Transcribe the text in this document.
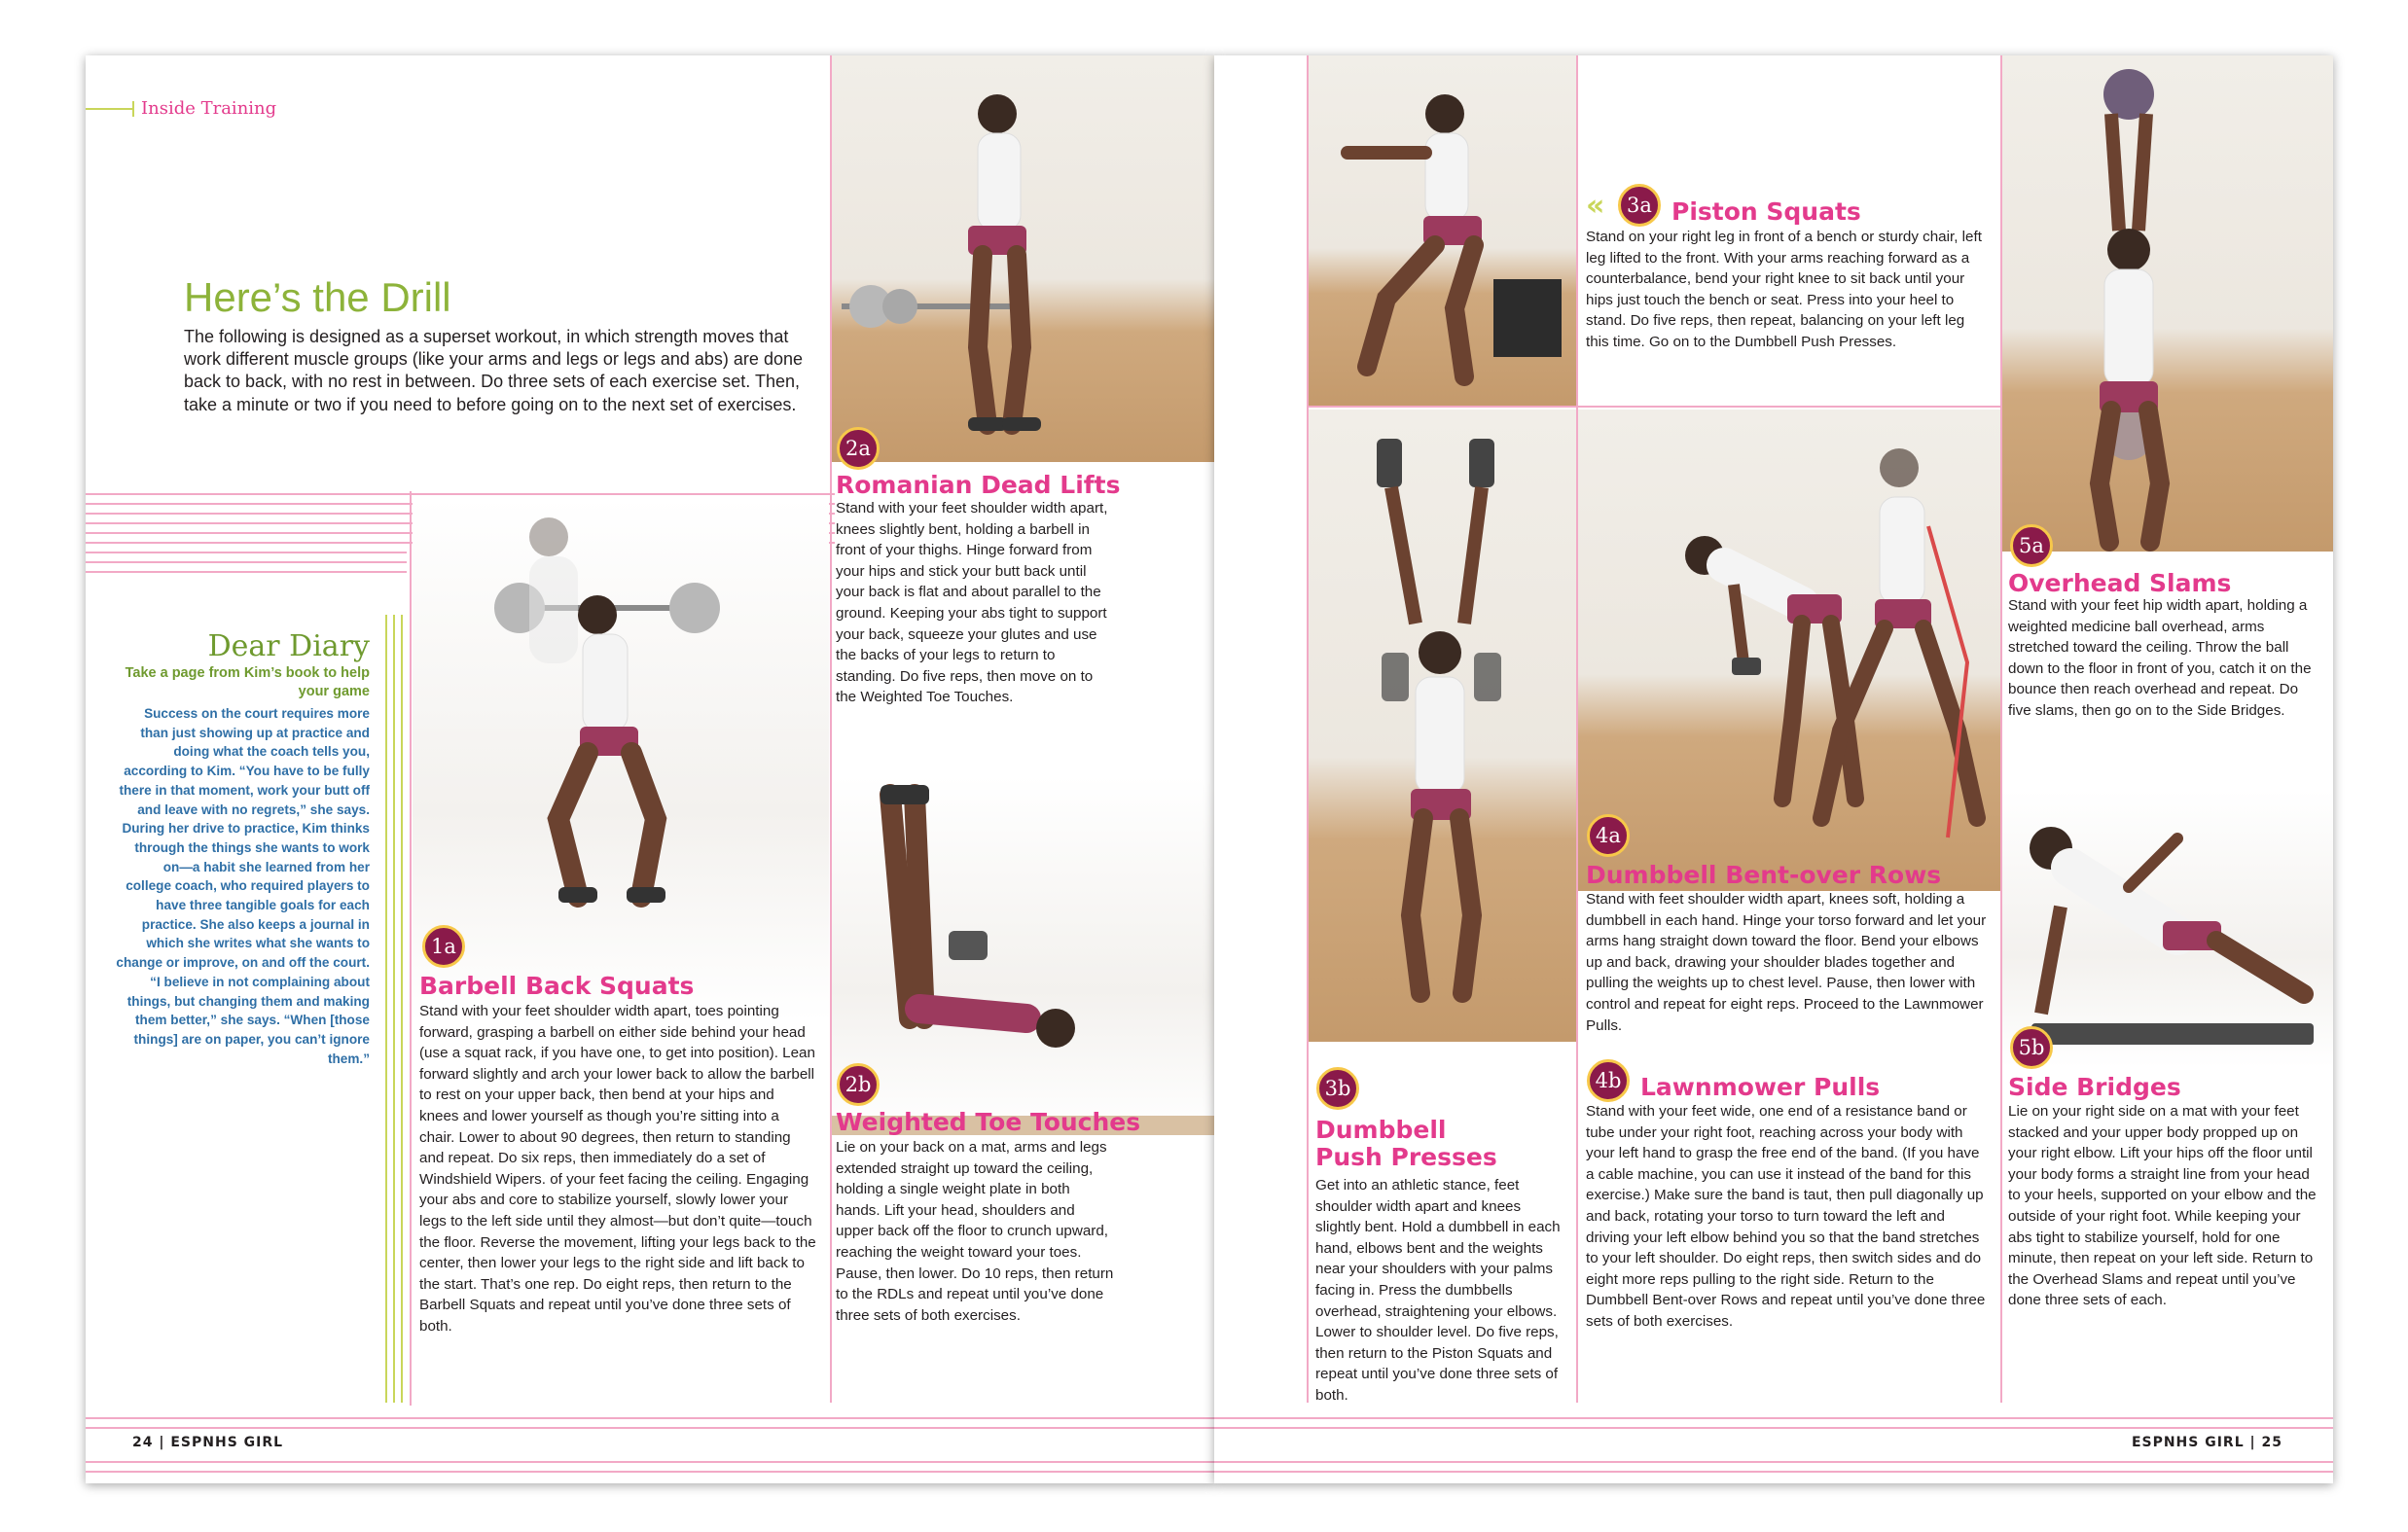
Inside Training
Here’s the Drill
The following is designed as a superset workout, in which strength moves that work different muscle groups (like your arms and legs or legs and abs) are done back to back, with no rest in between. Do three sets of each exercise set. Then, take a minute or two if you need to before going on to the next set of exercises.
Dear Diary
Take a page from Kim’s book to help your game
Success on the court requires more than just showing up at practice and doing what the coach tells you, according to Kim. “You have to be fully there in that moment, work your butt off and leave with no regrets,” she says. During her drive to practice, Kim thinks through the things she wants to work on—a habit she learned from her college coach, who required players to have three tangible goals for each practice. She also keeps a journal in which she writes what she wants to change or improve, on and off the court. “I believe in not complaining about things, but changing them and making them better,” she says. “When [those things] are on paper, you can’t ignore them.”
1a
Barbell Back Squats
Stand with your feet shoulder width apart, toes pointing forward, grasping a barbell on either side behind your head (use a squat rack, if you have one, to get into position). Lean forward slightly and arch your lower back to allow the barbell to rest on your upper back, then bend at your hips and knees and lower yourself as though you’re sitting into a chair. Lower to about 90 degrees, then return to standing and repeat. Do six reps, then immediately do a set of Windshield Wipers. of your feet facing the ceiling. Engaging your abs and core to stabilize yourself, slowly lower your legs to the left side until they almost—but don’t quite—touch the floor. Reverse the movement, lifting your legs back to the center, then lower your legs to the right side and lift back to the start. That’s one rep. Do eight reps, then return to the Barbell Squats and repeat until you’ve done three sets of both.
2a
Romanian Dead Lifts
Stand with your feet shoulder width apart, knees slightly bent, holding a barbell in front of your thighs. Hinge forward from your hips and stick your butt back until your back is flat and about parallel to the ground. Keeping your abs tight to support your back, squeeze your glutes and use the backs of your legs to return to standing. Do five reps, then move on to the Weighted Toe Touches.
2b
Weighted Toe Touches
Lie on your back on a mat, arms and legs extended straight up toward the ceiling, holding a single weight plate in both hands. Lift your head, shoulders and upper back off the floor to crunch upward, reaching the weight toward your toes. Pause, then lower. Do 10 reps, then return to the RDLs and repeat until you’ve done three sets of both exercises.
24 | ESPNHS GIRL
«	3a Piston Squats
Stand on your right leg in front of a bench or sturdy chair, left leg lifted to the front. With your arms reaching forward as a counterbalance, bend your right knee to sit back until your hips just touch the bench or seat. Press into your heel to stand. Do five reps, then repeat, balancing on your left leg this time. Go on to the Dumbbell Push Presses.
3b
Dumbbell
Push Presses
Get into an athletic stance, feet shoulder width apart and knees slightly bent. Hold a dumbbell in each hand, elbows bent and the weights near your shoulders with your palms facing in. Press the dumbbells overhead, straightening your elbows. Lower to shoulder level. Do five reps, then return to the Piston Squats and repeat until you’ve done three sets of both.
4a
Dumbbell Bent-over Rows
Stand with feet shoulder width apart, knees soft, holding a dumbbell in each hand. Hinge your torso forward and let your arms hang straight down toward the floor. Bend your elbows up and back, drawing your shoulder blades together and pulling the weights up to chest level. Pause, then lower with control and repeat for eight reps. Proceed to the Lawnmower Pulls.
4b Lawnmower Pulls
Stand with your feet wide, one end of a resistance band or tube under your right foot, reaching across your body with your left hand to grasp the free end of the band. (If you have a cable machine, you can use it instead of the band for this exercise.) Make sure the band is taut, then pull diagonally up and back, rotating your torso to turn toward the left and driving your left elbow behind you so that the band stretches to your left shoulder. Do eight reps, then switch sides and do eight more reps pulling to the right side. Return to the Dumbbell Bent-over Rows and repeat until you’ve done three sets of both exercises.
5a
Overhead Slams
Stand with your feet hip width apart, holding a weighted medicine ball overhead, arms stretched toward the ceiling. Throw the ball down to the floor in front of you, catch it on the bounce then reach overhead and repeat. Do five slams, then go on to the Side Bridges.
5b
Side Bridges
Lie on your right side on a mat with your feet stacked and your upper body propped up on your right elbow. Lift your hips off the floor until your body forms a straight line from your head to your heels, supported on your elbow and the outside of your right foot. While keeping your abs tight to stabilize yourself, hold for one minute, then repeat on your left side. Return to the Overhead Slams and repeat until you’ve done three sets of each.
ESPNHS GIRL | 25
